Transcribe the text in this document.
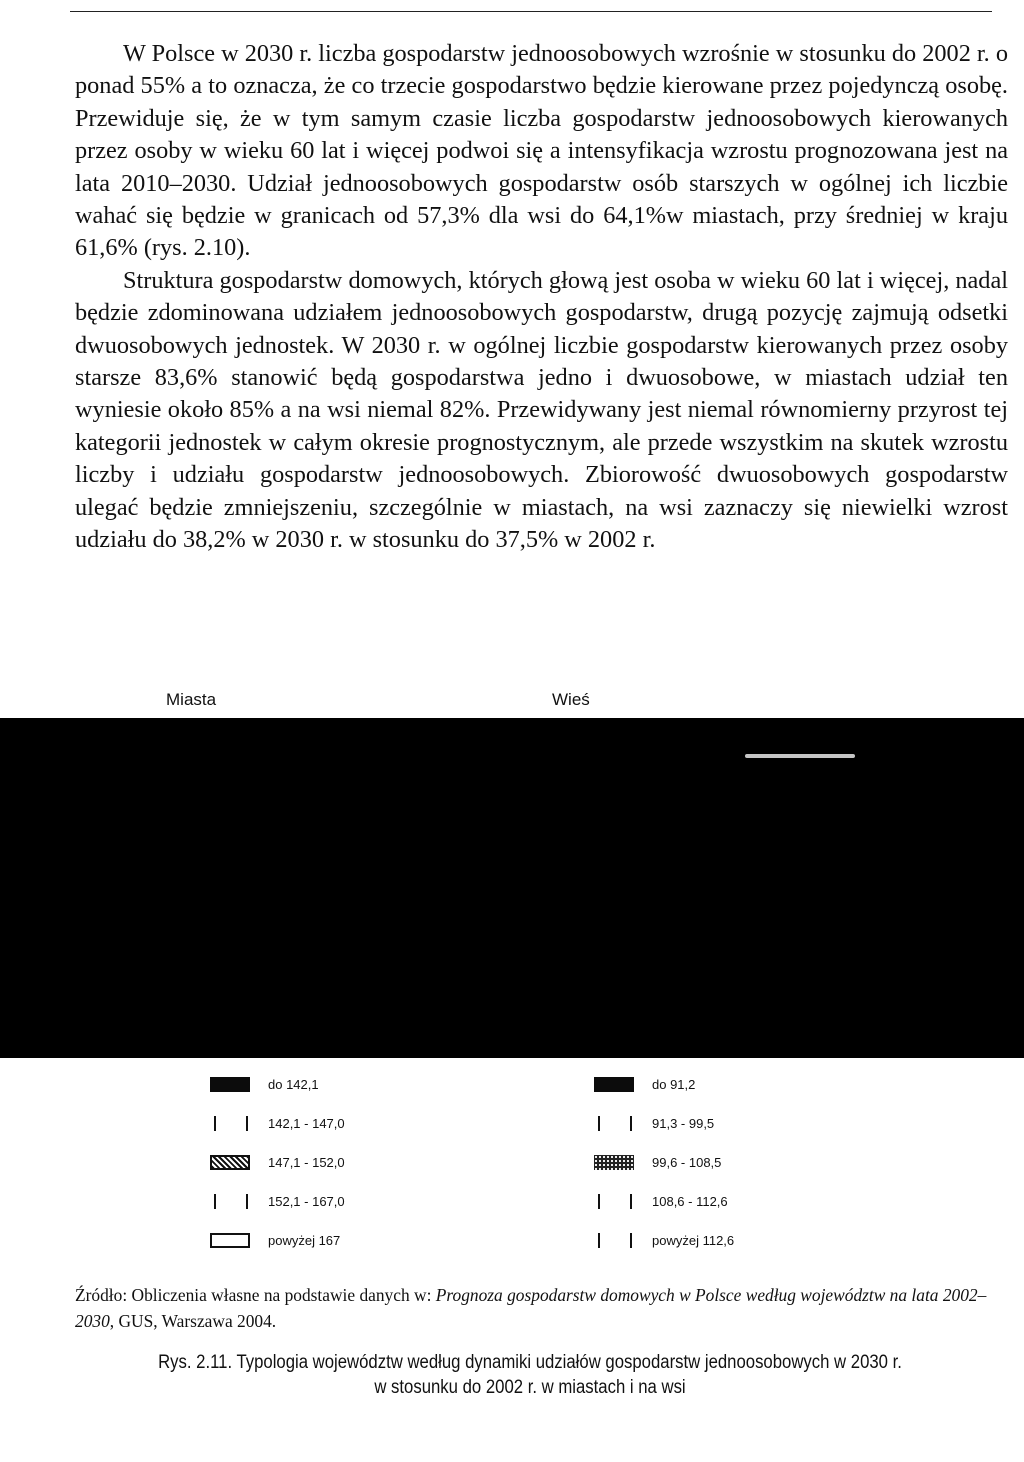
W Polsce w 2030 r. liczba gospodarstw jednoosobowych wzrośnie w stosunku do 2002 r. o ponad 55% a to oznacza, że co trzecie gospodarstwo będzie kierowane przez pojedynczą osobę. Przewiduje się, że w tym samym czasie liczba gospodarstw jednoosobowych kierowanych przez osoby w wieku 60 lat i więcej podwoi się a intensyfikacja wzrostu prognozowana jest na lata 2010–2030. Udział jednoosobowych gospodarstw osób starszych w ogólnej ich liczbie wahać się będzie w granicach od 57,3% dla wsi do 64,1%w miastach, przy średniej w kraju 61,6% (rys. 2.10).

Struktura gospodarstw domowych, których głową jest osoba w wieku 60 lat i więcej, nadal będzie zdominowana udziałem jednoosobowych gospodarstw, drugą pozycję zajmują odsetki dwuosobowych jednostek. W 2030 r. w ogólnej liczbie gospodarstw kierowanych przez osoby starsze 83,6% stanowić będą gospodarstwa jedno i dwuosobowe, w miastach udział ten wyniesie około 85% a na wsi niemal 82%. Przewidywany jest niemal równomierny przyrost tej kategorii jednostek w całym okresie prognostycznym, ale przede wszystkim na skutek wzrostu liczby i udziału gospodarstw jednoosobowych. Zbiorowość dwuosobowych gospodarstw ulegać będzie zmniejszeniu, szczególnie w miastach, na wsi zaznaczy się niewielki wzrost udziału do 38,2% w 2030 r. w stosunku do 37,5% w 2002 r.

Miasta	Wieś
do 142,1
142,1 - 147,0
147,1 - 152,0
152,1 - 167,0
powyżej 167
do 91,2
91,3 - 99,5
99,6 - 108,5
108,6 - 112,6
powyżej 112,6
Źródło: Obliczenia własne na podstawie danych w: Prognoza gospodarstw domowych w Polsce według województw na lata 2002–2030, GUS, Warszawa 2004.
Rys. 2.11. Typologia województw według dynamiki udziałów gospodarstw jednoosobowych w 2030 r.
w stosunku do 2002 r. w miastach i na wsi
